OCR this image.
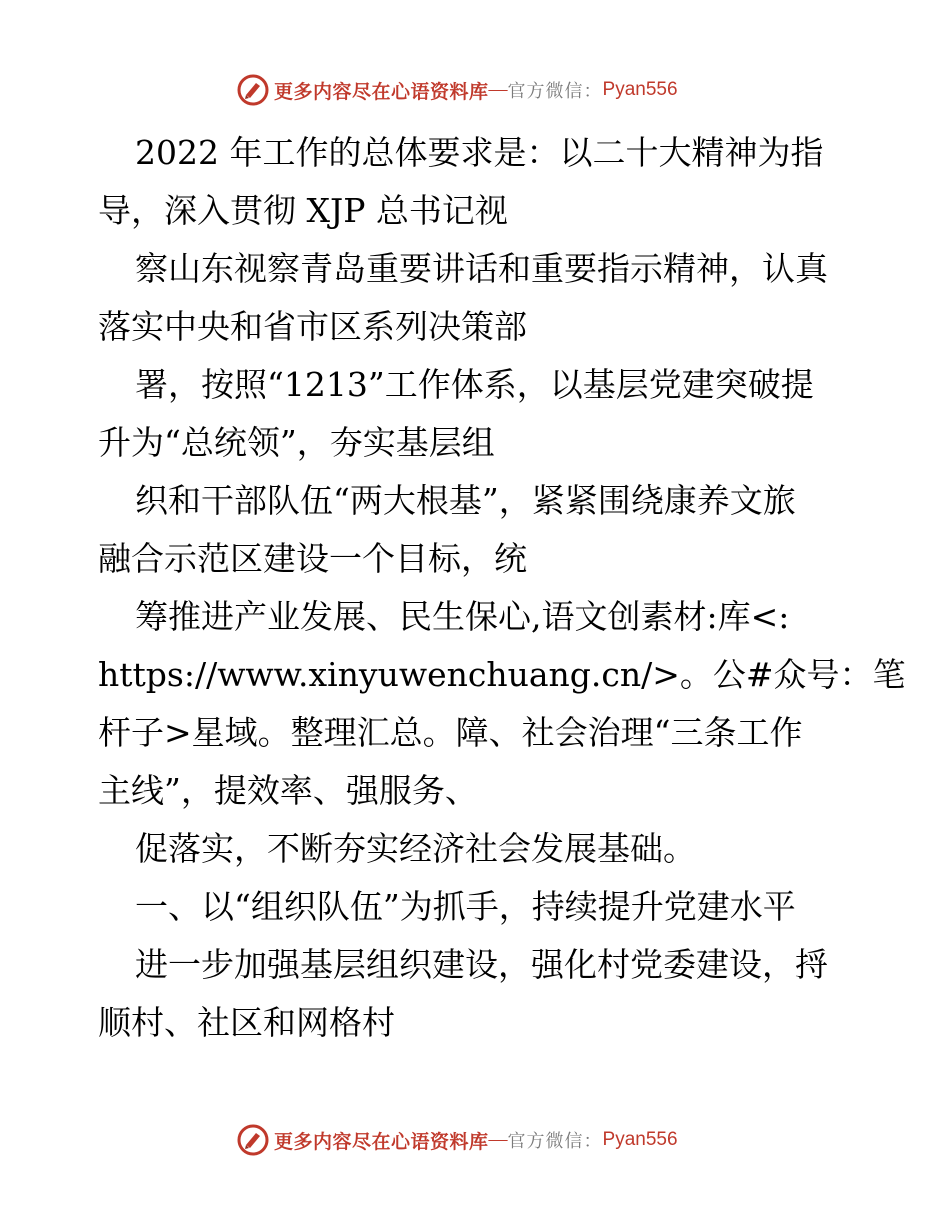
更多内容尽在心语资料库 — 官方微信： Pyan556

2022 年工作的总体要求是：以二十大精神为指

导，深入贯彻 XJP 总书记视

察山东视察青岛重要讲话和重要指示精神，认真

落实中央和省市区系列决策部

署，按照“1213”工作体系，以基层党建突破提

升为“总统领”，夯实基层组

织和干部队伍“两大根基”，紧紧围绕康养文旅

融合示范区建设一个目标，统

筹推进产业发展、民生保心,语文创素材:库<:

https://www.xinyuwenchuang.cn/>。公#众号：笔

杆子>星域。整理汇总。障、社会治理“三条工作

主线”，提效率、强服务、

促落实，不断夯实经济社会发展基础。

一、以“组织队伍”为抓手，持续提升党建水平

进一步加强基层组织建设，强化村党委建设，捋

顺村、社区和网格村

更多内容尽在心语资料库 — 官方微信： Pyan556
